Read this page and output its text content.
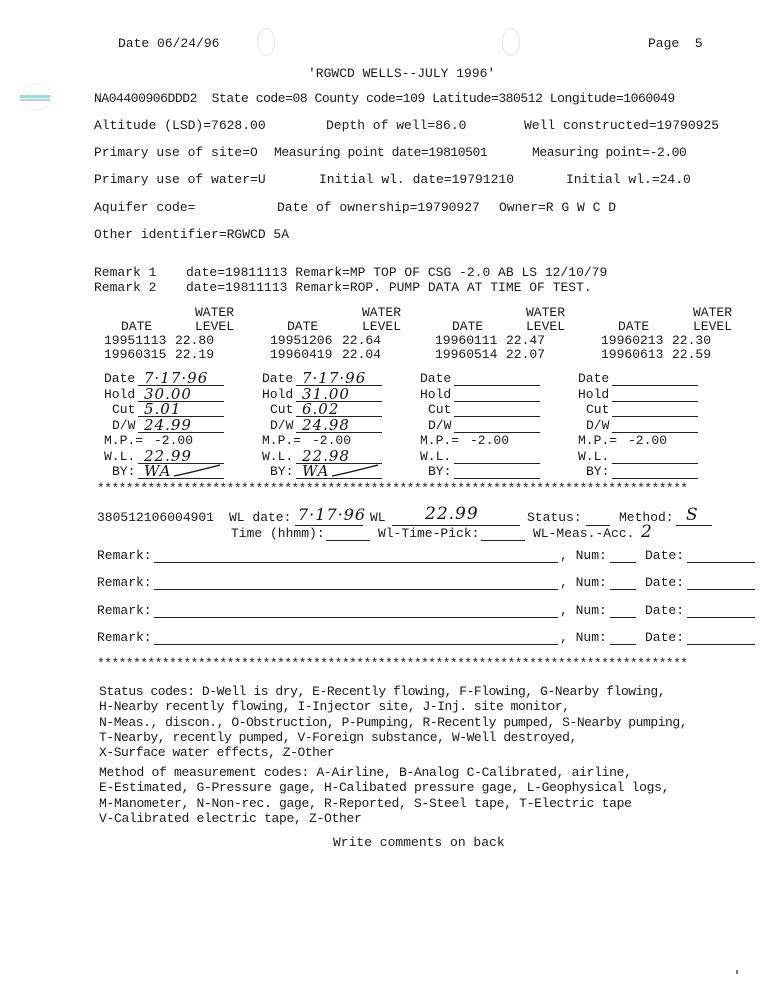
Date 06/24/96	Page  5
'RGWCD WELLS--JULY 1996'
NA04400906DDD2  State code=08 County code=109 Latitude=380512 Longitude=1060049
Altitude (LSD)=7628.00	Depth of well=86.0	Well constructed=19790925
Primary use of site=O Measuring point date=19810501	Measuring point=-2.00
Primary use of water=U	Initial wl. date=19791210	Initial wl.=24.0
Aquifer code=	Date of ownership=19790927 Owner=R G W C D
Other identifier=RGWCD 5A
Remark 1 date=19811113 Remark=MP TOP OF CSG -2.0 AB LS 12/10/79
Remark 2 date=19811113 Remark=ROP. PUMP DATA AT TIME OF TEST.
WATER
DATE	LEVEL
19951113 22.80
19960315 22.19
WATER
DATE	LEVEL
19951206 22.64
19960419 22.04
WATER
DATE	LEVEL
19960111 22.47
19960514 22.07
WATER
DATE	LEVEL
19960213 22.30
19960613 22.59
Date 7·17·96
Hold 30.00
Cut 5.01
D/W 24.99
M.P.= -2.00
W.L. 22.99
BY: WA
Date 7·17·96
Hold 31.00
Cut 6.02
D/W 24.98
M.P.= -2.00
W.L. 22.98
BY: WA
Date
Hold
Cut
D/W
M.P.= -2.00
W.L.
BY:
Date
Hold
Cut
D/W
M.P.= -2.00
W.L.
BY:
**********************************************************************************
380512106004901 WL date: 7·17·96 WL 22.99	Status:	Method: S
Time (hhmm):	Wl-Time-Pick:	WL-Meas.-Acc. 2
Remark:	, Num:	Date:
Remark:	, Num:	Date:
Remark:	, Num:	Date:
Remark:	, Num:	Date:
**********************************************************************************
Status codes: D-Well is dry, E-Recently flowing, F-Flowing, G-Nearby flowing,
H-Nearby recently flowing, I-Injector site, J-Inj. site monitor,
N-Meas., discon., O-Obstruction, P-Pumping, R-Recently pumped, S-Nearby pumping,
T-Nearby, recently pumped, V-Foreign substance, W-Well destroyed,
X-Surface water effects, Z-Other
Method of measurement codes: A-Airline, B-Analog C-Calibrated, airline,
E-Estimated, G-Pressure gage, H-Calibated pressure gage, L-Geophysical logs,
M-Manometer, N-Non-rec. gage, R-Reported, S-Steel tape, T-Electric tape
V-Calibrated electric tape, Z-Other
Write comments on back
